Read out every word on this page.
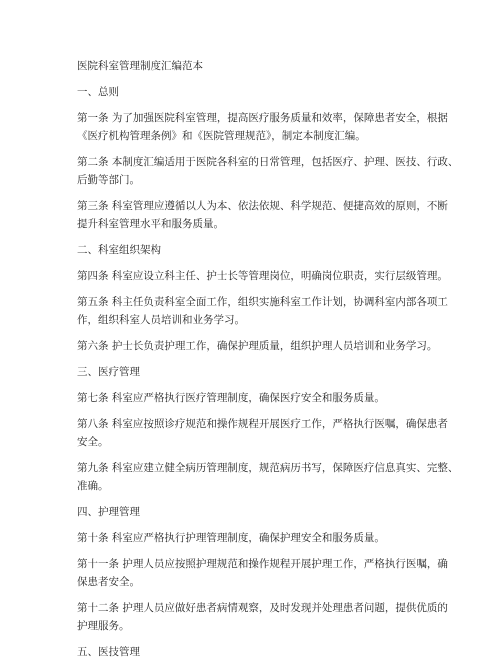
医院科室管理制度汇编范本
一、总则
第一条 为了加强医院科室管理，提高医疗服务质量和效率，保障患者安全，根据
《医疗机构管理条例》和《医院管理规范》，制定本制度汇编。
第二条 本制度汇编适用于医院各科室的日常管理，包括医疗、护理、医技、行政、
后勤等部门。
第三条 科室管理应遵循以人为本、依法依规、科学规范、便捷高效的原则，不断
提升科室管理水平和服务质量。
二、科室组织架构
第四条 科室应设立科主任、护士长等管理岗位，明确岗位职责，实行层级管理。
第五条 科主任负责科室全面工作，组织实施科室工作计划，协调科室内部各项工
作，组织科室人员培训和业务学习。
第六条 护士长负责护理工作，确保护理质量，组织护理人员培训和业务学习。
三、医疗管理
第七条 科室应严格执行医疗管理制度，确保医疗安全和服务质量。
第八条 科室应按照诊疗规范和操作规程开展医疗工作，严格执行医嘱，确保患者
安全。
第九条 科室应建立健全病历管理制度，规范病历书写，保障医疗信息真实、完整、
准确。
四、护理管理
第十条 科室应严格执行护理管理制度，确保护理安全和服务质量。
第十一条 护理人员应按照护理规范和操作规程开展护理工作，严格执行医嘱，确
保患者安全。
第十二条 护理人员应做好患者病情观察，及时发现并处理患者问题，提供优质的
护理服务。
五、医技管理
